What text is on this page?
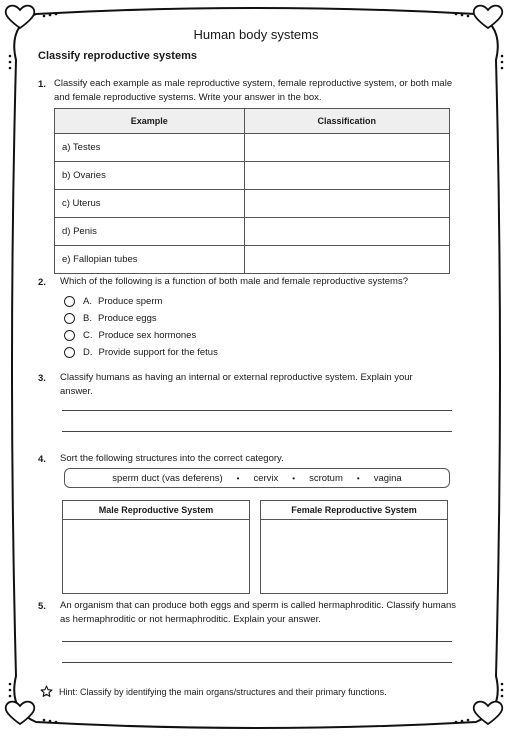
Human body systems
Classify reproductive systems
1. Classify each example as male reproductive system, female reproductive system, or both male and female reproductive systems. Write your answer in the box.
Example	Classification
a) Testes	
b) Ovaries	
c) Uterus	
d) Penis	
e) Fallopian tubes	
2. Which of the following is a function of both male and female reproductive systems?
A. Produce sperm
B. Produce eggs
C. Produce sex hormones
D. Provide support for the fetus
3. Classify humans as having an internal or external reproductive system. Explain your answer.
4. Sort the following structures into the correct category.
sperm duct (vas deferens) • cervix • scrotum • vagina
Male Reproductive System	Female Reproductive System
5. An organism that can produce both eggs and sperm is called hermaphroditic. Classify humans as hermaphroditic or not hermaphroditic. Explain your answer.
Hint: Classify by identifying the main organs/structures and their primary functions.
